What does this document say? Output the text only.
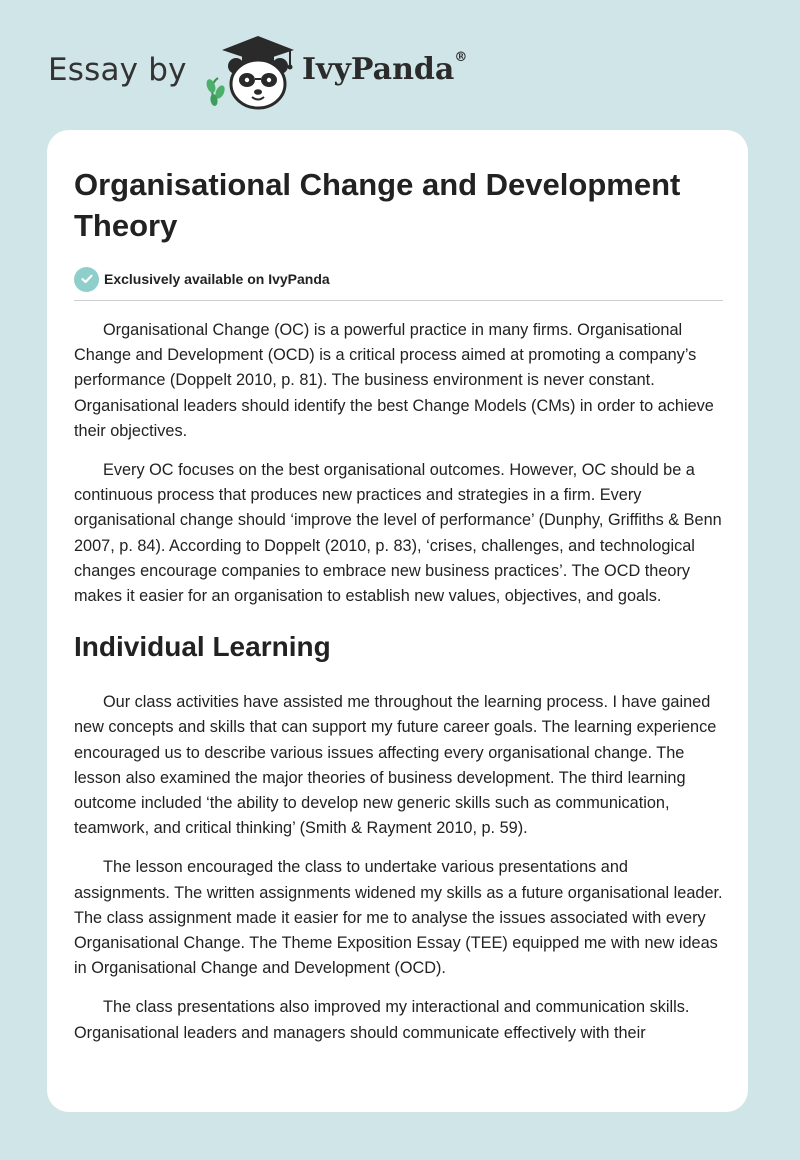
Essay by	IvyPanda®
Organisational Change and Development Theory
Exclusively available on IvyPanda

Organisational Change (OC) is a powerful practice in many firms. Organisational Change and Development (OCD) is a critical process aimed at promoting a company’s performance (Doppelt 2010, p. 81). The business environment is never constant. Organisational leaders should identify the best Change Models (CMs) in order to achieve their objectives.

Every OC focuses on the best organisational outcomes. However, OC should be a continuous process that produces new practices and strategies in a firm. Every organisational change should ‘improve the level of performance’ (Dunphy, Griffiths & Benn 2007, p. 84). According to Doppelt (2010, p. 83), ‘crises, challenges, and technological changes encourage companies to embrace new business practices’. The OCD theory makes it easier for an organisation to establish new values, objectives, and goals.

Individual Learning

Our class activities have assisted me throughout the learning process. I have gained new concepts and skills that can support my future career goals. The learning experience encouraged us to describe various issues affecting every organisational change. The lesson also examined the major theories of business development. The third learning outcome included ‘the ability to develop new generic skills such as communication, teamwork, and critical thinking’ (Smith & Rayment 2010, p. 59).

The lesson encouraged the class to undertake various presentations and assignments. The written assignments widened my skills as a future organisational leader. The class assignment made it easier for me to analyse the issues associated with every Organisational Change. The Theme Exposition Essay (TEE) equipped me with new ideas in Organisational Change and Development (OCD).

The class presentations also improved my interactional and communication skills. Organisational leaders and managers should communicate effectively with their
